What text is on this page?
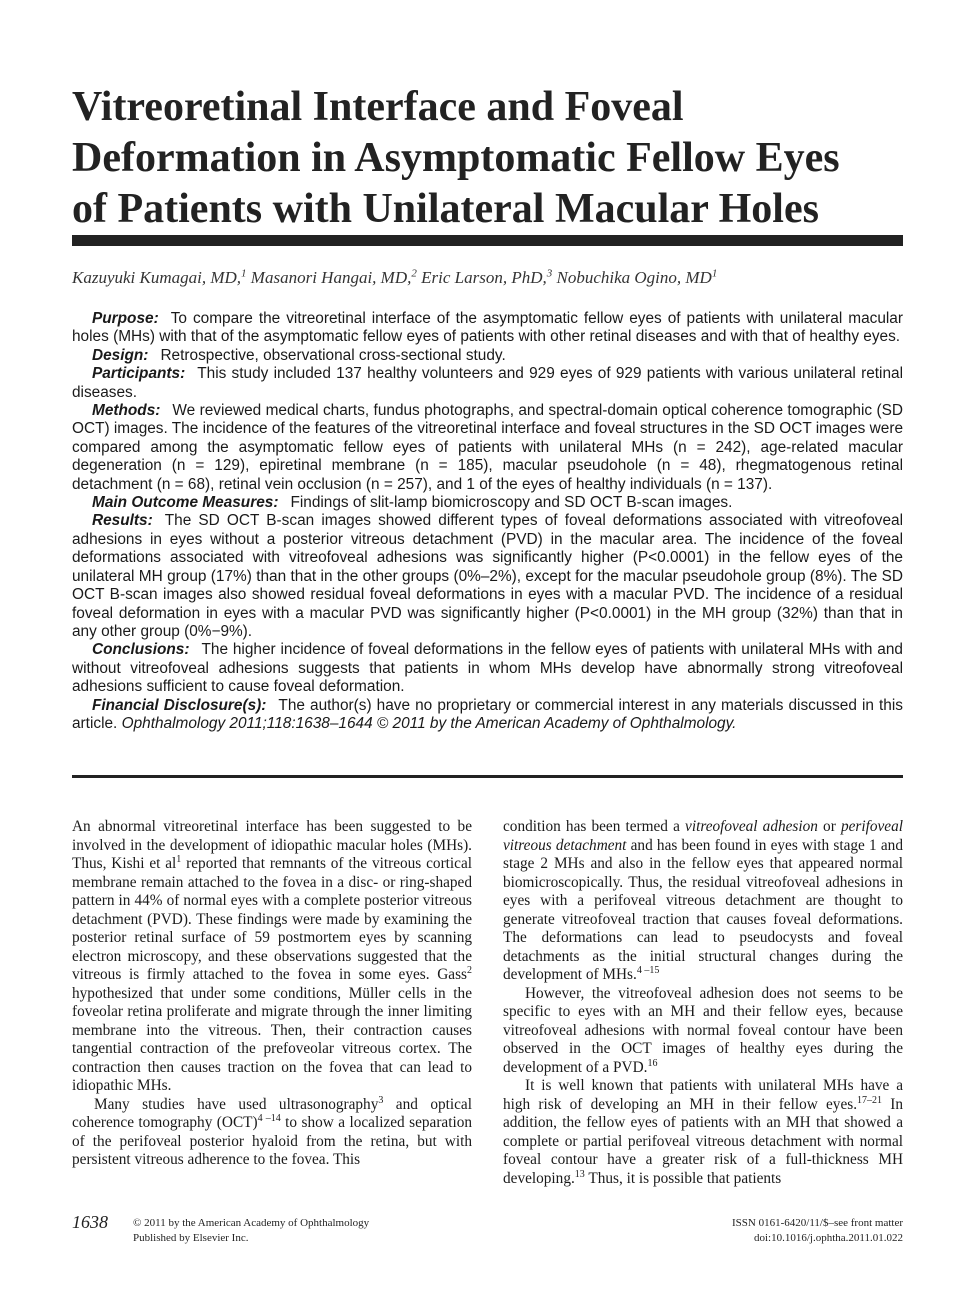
Vitreoretinal Interface and Foveal
Deformation in Asymptomatic Fellow Eyes
of Patients with Unilateral Macular Holes
Kazuyuki Kumagai, MD,$^1$ Masanori Hangai, MD,$^2$ Eric Larson, PhD,$^3$ Nobuchika Ogino, $MD^1$

Purpose: To compare the vitreoretinal interface of the asymptomatic fellow eyes of patients with unilateral macular holes (MHs) with that of the asymptomatic fellow eyes of patients with other retinal diseases and with that of healthy eyes.

Design: Retrospective, observational cross-sectional study.

Participants: This study included 137 healthy volunteers and 929 eyes of 929 patients with various unilateral retinal diseases.

Methods: We reviewed medical charts, fundus photographs, and spectral-domain optical coherence tomographic (SD OCT) images. The incidence of the features of the vitreoretinal interface and foveal structures in the SD OCT images were compared among the asymptomatic fellow eyes of patients with unilateral MHs (n = 242), age-related macular degeneration (n = 129), epiretinal membrane (n = 185), macular pseudohole (n = 48), rhegmatogenous retinal detachment (n = 68), retinal vein occlusion (n = 257), and 1 of the eyes of healthy individuals (n = 137).

Main Outcome Measures: Findings of slit-lamp biomicroscopy and SD OCT B-scan images.

Results: The SD OCT B-scan images showed different types of foveal deformations associated with vitreofoveal adhesions in eyes without a posterior vitreous detachment (PVD) in the macular area. The incidence of the foveal deformations associated with vitreofoveal adhesions was significantly higher (P<0.0001) in the fellow eyes of the unilateral MH group (17%) than that in the other groups (0%–2%), except for the macular pseudohole group (8%). The SD OCT B-scan images also showed residual foveal deformations in eyes with a macular PVD. The incidence of a residual foveal deformation in eyes with a macular PVD was significantly higher (P<0.0001) in the MH group (32%) than that in any other group (0%−9%).

Conclusions: The higher incidence of foveal deformations in the fellow eyes of patients with unilateral MHs with and without vitreofoveal adhesions suggests that patients in whom MHs develop have abnormally strong vitreofoveal adhesions sufficient to cause foveal deformation.

Financial Disclosure(s): The author(s) have no proprietary or commercial interest in any materials discussed in this article. Ophthalmology 2011;118:1638–1644 © 2011 by the American Academy of Ophthalmology.

An abnormal vitreoretinal interface has been suggested to be involved in the development of idiopathic macular holes (MHs). Thus, Kishi et $al^1$ reported that remnants of the vitreous cortical membrane remain attached to the fovea in a disc- or ring-shaped pattern in 44% of normal eyes with a complete posterior vitreous detachment (PVD). These findings were made by examining the posterior retinal surface of 59 postmortem eyes by scanning electron microscopy, and these observations suggested that the vitreous is firmly attached to the fovea in some eyes. Gass$^2$ hypothesized that under some conditions, Müller cells in the foveolar retina proliferate and migrate through the inner limiting membrane into the vitreous. Then, their contraction causes tangential contraction of the prefoveolar vitreous cortex. The contraction then causes traction on the fovea that can lead to idiopathic MHs.

Many studies have used ultrasonography$^3$ and optical coherence tomography (OCT)$^{4 -14}$ to show a localized separation of the perifoveal posterior hyaloid from the retina, but with persistent vitreous adherence to the fovea. This

condition has been termed a vitreofoveal adhesion or perifoveal vitreous detachment and has been found in eyes with stage 1 and stage 2 MHs and also in the fellow eyes that appeared normal biomicroscopically. Thus, the residual vitreofoveal adhesions in eyes with a perifoveal vitreous detachment are thought to generate vitreofoveal traction that causes foveal deformations. The deformations can lead to pseudocysts and foveal detachments as the initial structural changes during the development of MHs.$^{4 -15}$

However, the vitreofoveal adhesion does not seems to be specific to eyes with an MH and their fellow eyes, because vitreofoveal adhesions with normal foveal contour have been observed in the OCT images of healthy eyes during the development of a PVD.$^{16}$

It is well known that patients with unilateral MHs have a high risk of developing an MH in their fellow eyes.$^{17-21}$ In addition, the fellow eyes of patients with an MH that showed a complete or partial perifoveal vitreous detachment with normal foveal contour have a greater risk of a full-thickness MH developing.$^{13}$ Thus, it is possible that patients

1638 © 2011 by the American Academy of Ophthalmology
Published by Elsevier Inc.
ISSN 0161-6420/11/$–see front matter
doi:10.1016/j.ophtha.2011.01.022
